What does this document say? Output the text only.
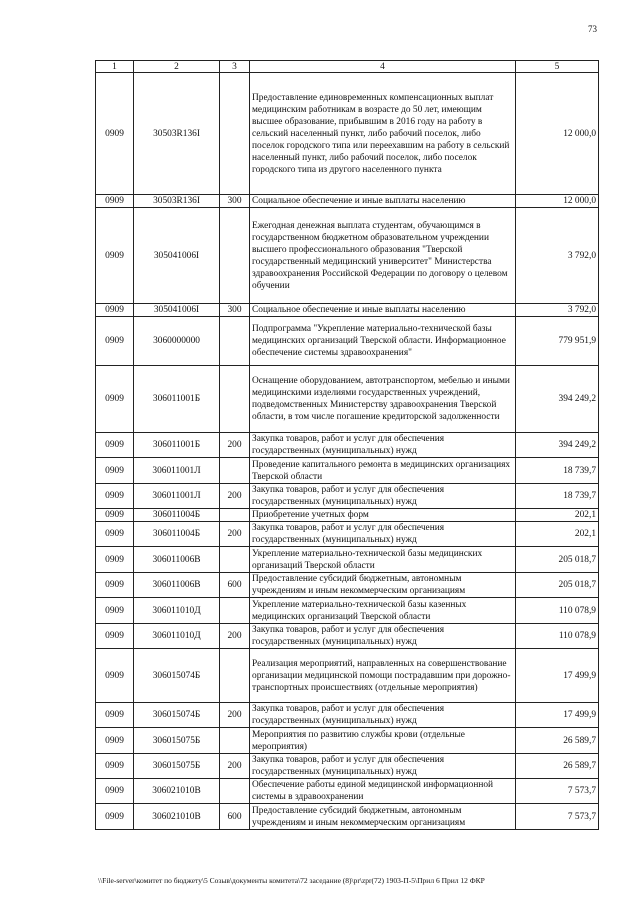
73
1	2	3	4	5
0909	30503R136I		Предоставление единовременных компенсационных выплат медицинским работникам в возрасте до 50 лет, имеющим высшее образование, прибывшим в 2016 году на работу в сельский населенный пункт, либо рабочий поселок, либо поселок городского типа или переехавшим на работу в сельский населенный пункт, либо рабочий поселок, либо поселок городского типа из другого населенного пункта	12 000,0
0909	30503R136I	300	Социальное обеспечение и иные выплаты населению	12 000,0
0909	305041006I		Ежегодная денежная выплата студентам, обучающимся в государственном бюджетном образовательном учреждении высшего профессионального образования "Тверской государственный медицинский университет" Министерства здравоохранения Российской Федерации по договору о целевом обучении	3 792,0
0909	305041006I	300	Социальное обеспечение и иные выплаты населению	3 792,0
0909	3060000000		Подпрограмма "Укрепление материально-технической базы медицинских организаций Тверской области. Информационное обеспечение системы здравоохранения"	779 951,9
0909	306011001Б		Оснащение оборудованием, автотранспортом, мебелью и иными медицинскими изделиями государственных учреждений, подведомственных Министерству здравоохранения Тверской области, в том числе погашение кредиторской задолженности	394 249,2
0909	306011001Б	200	Закупка товаров, работ и услуг для обеспечения государственных (муниципальных) нужд	394 249,2
0909	306011001Л		Проведение капитального ремонта в медицинских организациях Тверской области	18 739,7
0909	306011001Л	200	Закупка товаров, работ и услуг для обеспечения государственных (муниципальных) нужд	18 739,7
0909	306011004Б		Приобретение учетных форм	202,1
0909	306011004Б	200	Закупка товаров, работ и услуг для обеспечения государственных (муниципальных) нужд	202,1
0909	306011006В		Укрепление материально-технической базы медицинских организаций Тверской области	205 018,7
0909	306011006В	600	Предоставление субсидий бюджетным, автономным учреждениям и иным некоммерческим организациям	205 018,7
0909	306011010Д		Укрепление материально-технической базы казенных медицинских организаций Тверской области	110 078,9
0909	306011010Д	200	Закупка товаров, работ и услуг для обеспечения государственных (муниципальных) нужд	110 078,9
0909	306015074Б		Реализация мероприятий, направленных на совершенствование организации медицинской помощи пострадавшим при дорожно-транспортных происшествиях (отдельные мероприятия)	17 499,9
0909	306015074Б	200	Закупка товаров, работ и услуг для обеспечения государственных (муниципальных) нужд	17 499,9
0909	306015075Б		Мероприятия по развитию службы крови (отдельные мероприятия)	26 589,7
0909	306015075Б	200	Закупка товаров, работ и услуг для обеспечения государственных (муниципальных) нужд	26 589,7
0909	306021010В		Обеспечение работы единой медицинской информационной системы в здравоохранении	7 573,7
0909	306021010В	600	Предоставление субсидий бюджетным, автономным учреждениям и иным некоммерческим организациям	7 573,7
\\File-server\комитет по бюджету\5 Созыв\документы комитета\72 заседание (8)\pr\zpr(72) 1903-П-5\Прил 6 Прил 12 ФКР
